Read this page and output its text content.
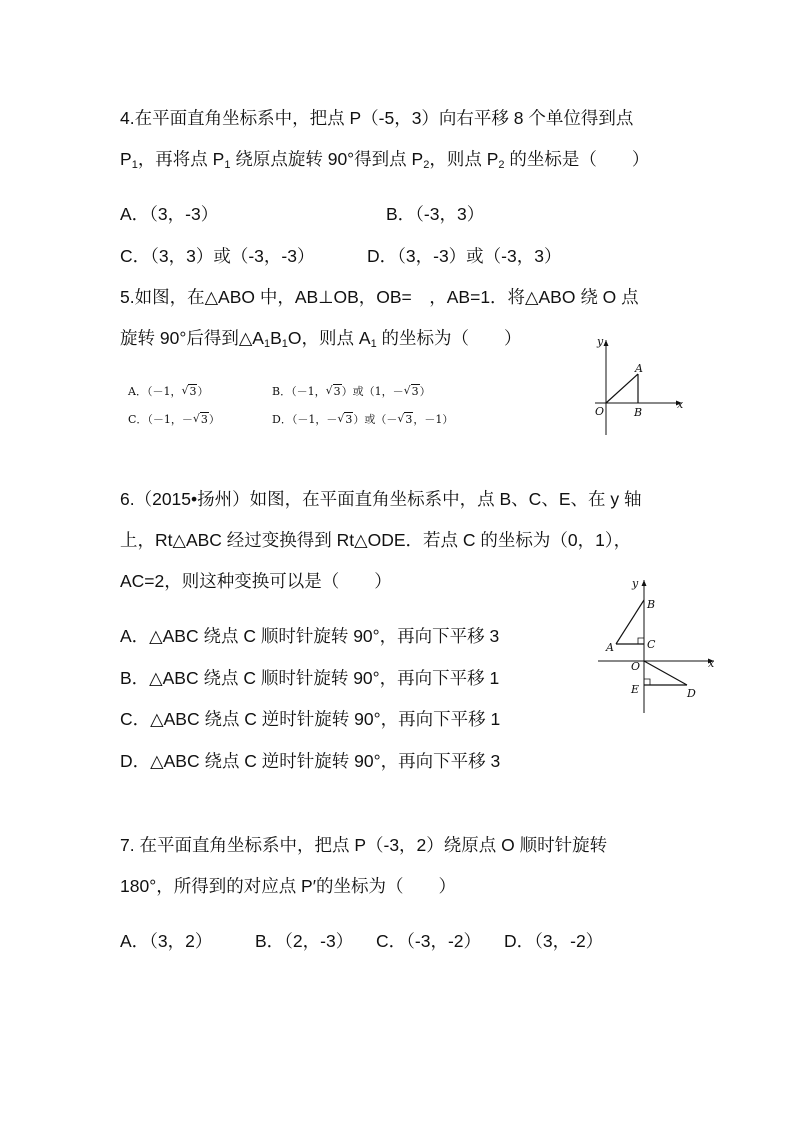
4.在平面直角坐标系中，把点 P（-5，3）向右平移 8 个单位得到点
$P_1$，再将点 $P_1$ 绕原点旋转 90°得到点 $P_2$，则点 $P_2$ 的坐标是（　　）
A．（3，-3）	B．（-3，3）
C．（3，3）或（-3，-3）	D．（3，-3）或（-3，3）
5.如图，在△ABO 中，AB⊥OB，OB=　，AB=1．将△ABO 绕 O 点
旋转 90°后得到$\triangle A_1B_1O$，则点 $A_1$ 的坐标为（　　）
A．（－1， √ 3）	B．（－1， √ 3）或（1，－ √ 3）
C．（－1，－ √ 3）	D．（－1，－ √ 3）或（－ √ 3，－1）
y
x
A
O	B
6.（2015•扬州）如图，在平面直角坐标系中，点 B、C、E、在 y 轴
上，Rt△ABC 经过变换得到 Rt△ODE．若点 C 的坐标为（0，1），
AC=2，则这种变换可以是（　　）
A．△ABC 绕点 C 顺时针旋转 90°，再向下平移 3
B．△ABC 绕点 C 顺时针旋转 90°，再向下平移 1
C．△ABC 绕点 C 逆时针旋转 90°，再向下平移 1
D．△ABC 绕点 C 逆时针旋转 90°，再向下平移 3
y
x
B
A	C
O
E	D
7. 在平面直角坐标系中，把点 P（-3，2）绕原点 O 顺时针旋转
180°，所得到的对应点 P′的坐标为（　　）
A．（3，2） B．（2，-3） C．（-3，-2） D．（3，-2）
